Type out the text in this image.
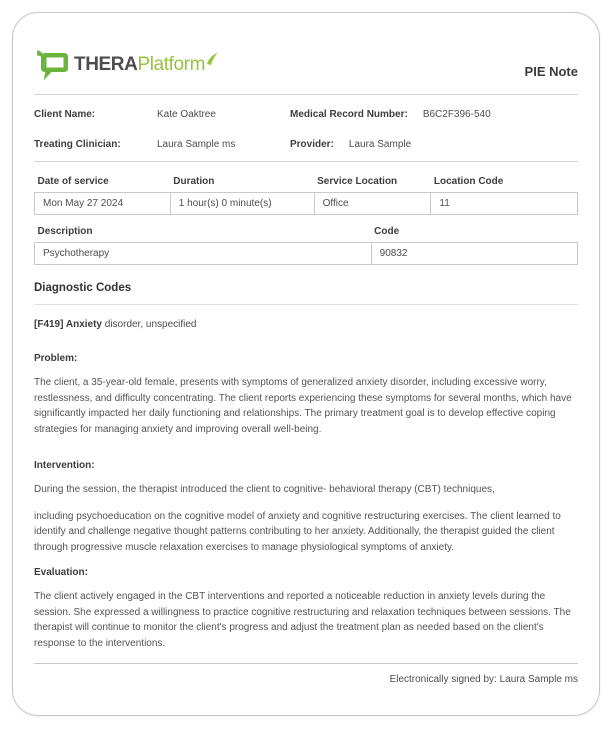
THERAPlatform	PIE Note
Client Name:	Kate Oaktree	Medical Record Number: B6C2F396-540
Treating Clinician:	Laura Sample ms	Provider: Laura Sample
Date of service	Duration	Service Location	Location Code
Mon May 27 2024	1 hour(s) 0 minute(s)	Office	11
Description	Code
Psychotherapy	90832
Diagnostic Codes
[F419] Anxiety disorder, unspecified
Problem:
The client, a 35-year-old female, presents with symptoms of generalized anxiety disorder, including excessive worry, restlessness, and difficulty concentrating. The client reports experiencing these symptoms for several months, which have significantly impacted her daily functioning and relationships. The primary treatment goal is to develop effective coping strategies for managing anxiety and improving overall well-being.
Intervention:
During the session, the therapist introduced the client to cognitive- behavioral therapy (CBT) techniques,
including psychoeducation on the cognitive model of anxiety and cognitive restructuring exercises. The client learned to identify and challenge negative thought patterns contributing to her anxiety. Additionally, the therapist guided the client through progressive muscle relaxation exercises to manage physiological symptoms of anxiety.
Evaluation:
The client actively engaged in the CBT interventions and reported a noticeable reduction in anxiety levels during the session. She expressed a willingness to practice cognitive restructuring and relaxation techniques between sessions. The therapist will continue to monitor the client's progress and adjust the treatment plan as needed based on the client's response to the interventions.
Electronically signed by: Laura Sample ms
